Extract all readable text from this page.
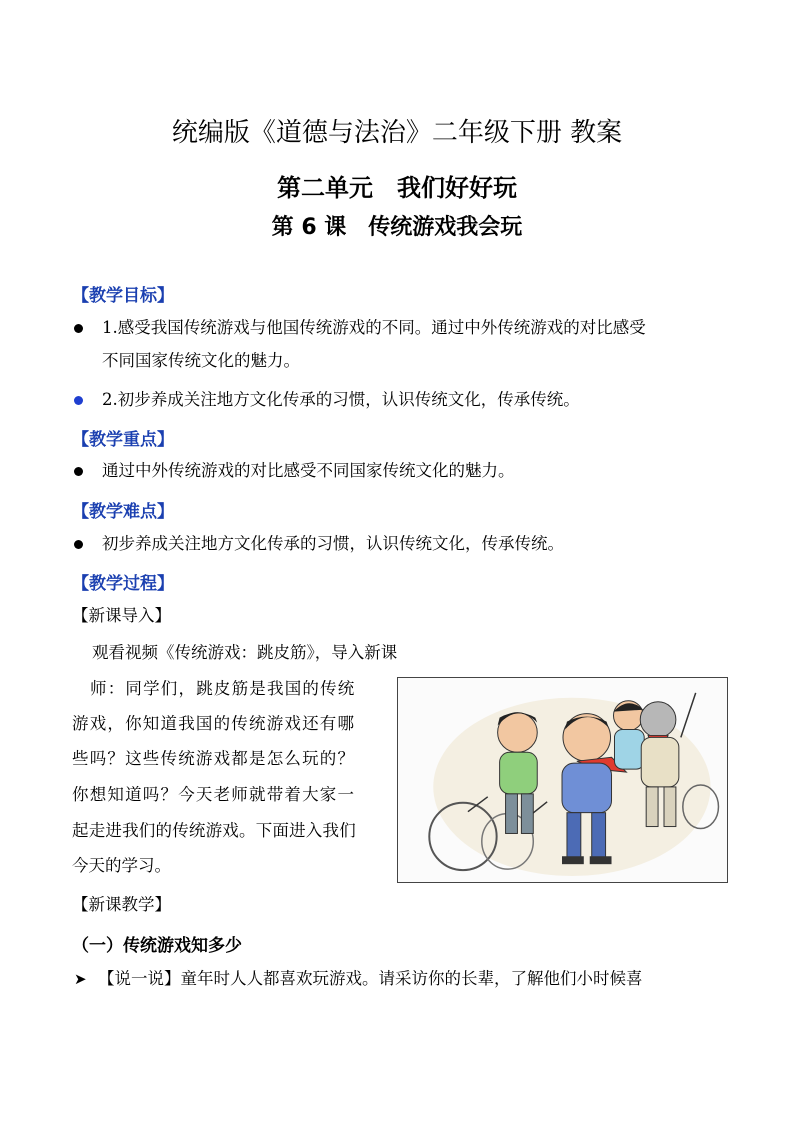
统编版《道德与法治》二年级下册 教案
第二单元　我们好好玩
第 6 课　传统游戏我会玩
【教学目标】
1.感受我国传统游戏与他国传统游戏的不同。通过中外传统游戏的对比感受
不同国家传统文化的魅力。
2.初步养成关注地方文化传承的习惯，认识传统文化，传承传统。
【教学重点】
通过中外传统游戏的对比感受不同国家传统文化的魅力。
【教学难点】
初步养成关注地方文化传承的习惯，认识传统文化，传承传统。
【教学过程】
【新课导入】
观看视频《传统游戏：跳皮筋》，导入新课
师：同学们，跳皮筋是我国的传统
游戏，你知道我国的传统游戏还有哪
些吗？这些传统游戏都是怎么玩的？
你想知道吗？今天老师就带着大家一
起走进我们的传统游戏。下面进入我们
今天的学习。
【新课教学】
（一）传统游戏知多少
➤ 【说一说】童年时人人都喜欢玩游戏。请采访你的长辈，了解他们小时候喜
